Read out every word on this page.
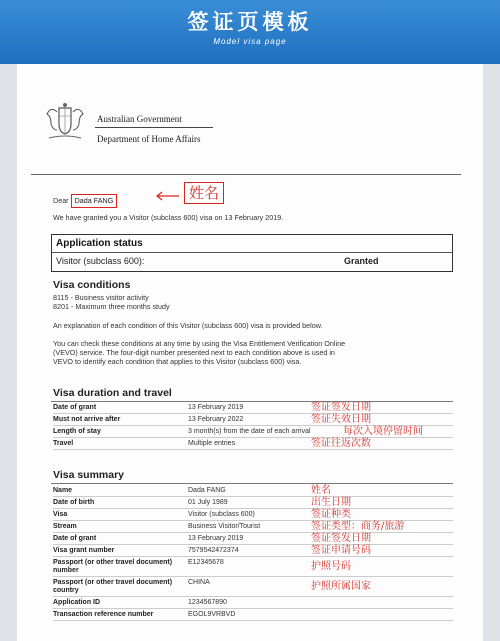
签证页模板
Model visa page
Australian Government
Department of Home Affairs
Dear Dada FANG	姓名
We have granted you a Visitor (subclass 600) visa on 13 February 2019.
Application status
Visitor (subclass 600):	Granted
Visa conditions
8115 - Business visitor activity
8201 - Maximum three months study
An explanation of each condition of this Visitor (subclass 600) visa is provided below.
You can check these conditions at any time by using the Visa Entitlement Verification Online
(VEVO) service. The four-digit number presented next to each condition above is used in
VEVO to identify each condition that applies to this Visitor (subclass 600) visa.
Visa duration and travel
Date of grant	13 February 2019	签证签发日期
Must not arrive after	13 February 2022	签证失效日期
Length of stay	3 month(s) from the date of each arrival	每次入境停留时间
Travel	Multiple entries	签证往返次数
Visa summary
Name	Dada FANG	姓名
Date of birth	01 July 1989	出生日期
Visa	Visitor (subclass 600)	签证种类
Stream	Business Visitor/Tourist	签证类型：商务/旅游
Date of grant	13 February 2019	签证签发日期
Visa grant number	7579542472374	签证申请号码
Passport (or other travel document) number
E12345678	护照号码
Passport (or other travel document) country
CHINA	护照所属国家
Application ID	1234567890
Transaction reference number	EGOL9VRBVD
